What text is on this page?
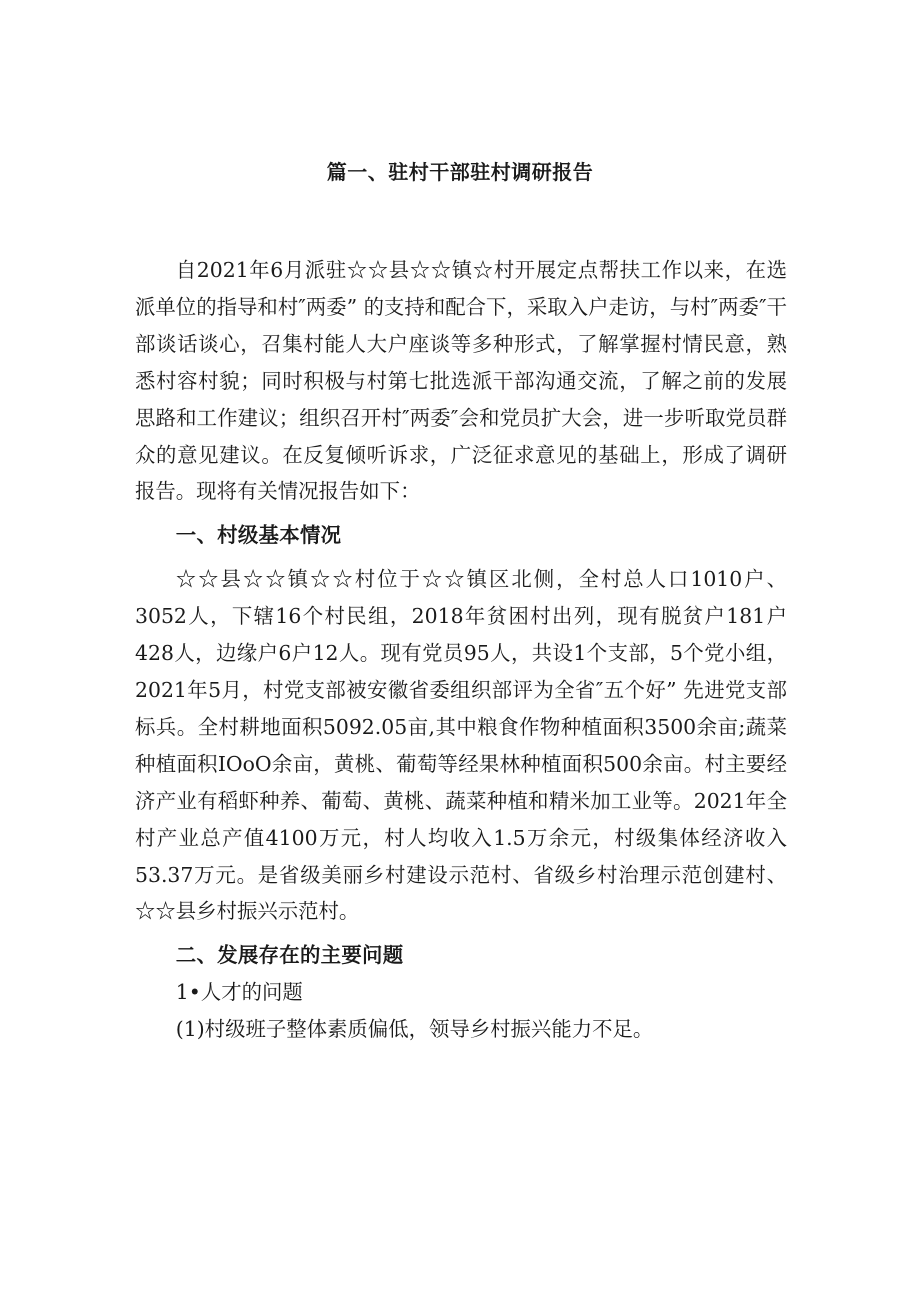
篇一、驻村干部驻村调研报告

自2021年6月派驻☆☆县☆☆镇☆村开展定点帮扶工作以来，在选派单位的指导和村″两委” 的支持和配合下，采取入户走访，与村″两委″干部谈话谈心，召集村能人大户座谈等多种形式，了解掌握村情民意，熟悉村容村貌；同时积极与村第七批选派干部沟通交流，了解之前的发展思路和工作建议；组织召开村″两委″会和党员扩大会，进一步听取党员群众的意见建议。在反复倾听诉求，广泛征求意见的基础上，形成了调研报告。现将有关情况报告如下：

一、村级基本情况

☆☆县☆☆镇☆☆村位于☆☆镇区北侧，全村总人口1010户、3052人，下辖16个村民组，2018年贫困村出列，现有脱贫户181户428人，边缘户6户12人。现有党员95人，共设1个支部，5个党小组，2021年5月，村党支部被安徽省委组织部评为全省″五个好” 先进党支部标兵。全村耕地面积5092.05亩,其中粮食作物种植面积3500余亩;蔬菜种植面积IOoO余亩，黄桃、葡萄等经果林种植面积500余亩。村主要经济产业有稻虾种养、葡萄、黄桃、蔬菜种植和精米加工业等。2021年全村产业总产值4100万元，村人均收入1.5万余元，村级集体经济收入53.37万元。是省级美丽乡村建设示范村、省级乡村治理示范创建村、☆☆县乡村振兴示范村。

二、发展存在的主要问题

1•人才的问题

(1)村级班子整体素质偏低，领导乡村振兴能力不足。
